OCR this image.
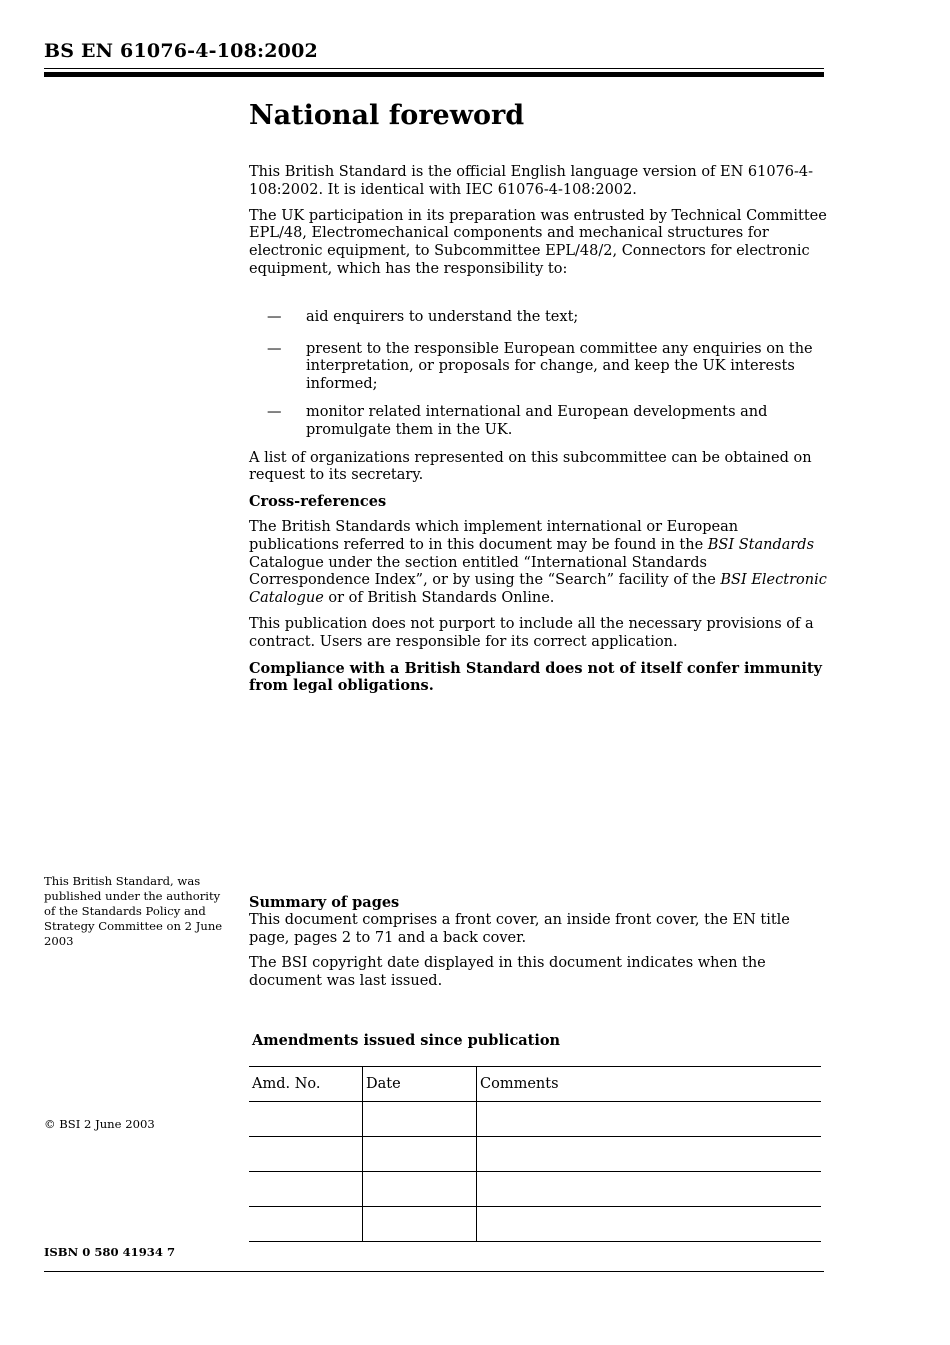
BS EN 61076-4-108:2002
National foreword

This British Standard is the official English language version of EN 61076-4-108:2002. It is identical with IEC 61076-4-108:2002.

The UK participation in its preparation was entrusted by Technical Committee EPL/48, Electromechanical components and mechanical structures for electronic equipment, to Subcommittee EPL/48/2, Connectors for electronic equipment, which has the responsibility to:

— aid enquirers to understand the text;
— present to the responsible European committee any enquiries on the interpretation, or proposals for change, and keep the UK interests informed;
— monitor related international and European developments and promulgate them in the UK.

A list of organizations represented on this subcommittee can be obtained on request to its secretary.

Cross-references

The British Standards which implement international or European publications referred to in this document may be found in the BSI Standards Catalogue under the section entitled “International Standards Correspondence Index”, or by using the “Search” facility of the BSI Electronic Catalogue or of British Standards Online.

This publication does not purport to include all the necessary provisions of a contract. Users are responsible for its correct application.

Compliance with a British Standard does not of itself confer immunity from legal obligations.

This British Standard, was published under the authority of the Standards Policy and Strategy Committee on 2 June 2003

Summary of pages

This document comprises a front cover, an inside front cover, the EN title page, pages 2 to 71 and a back cover.

The BSI copyright date displayed in this document indicates when the document was last issued.

Amendments issued since publication
Amd. No.	Date	Comments

© BSI 2 June 2003
ISBN 0 580 41934 7
